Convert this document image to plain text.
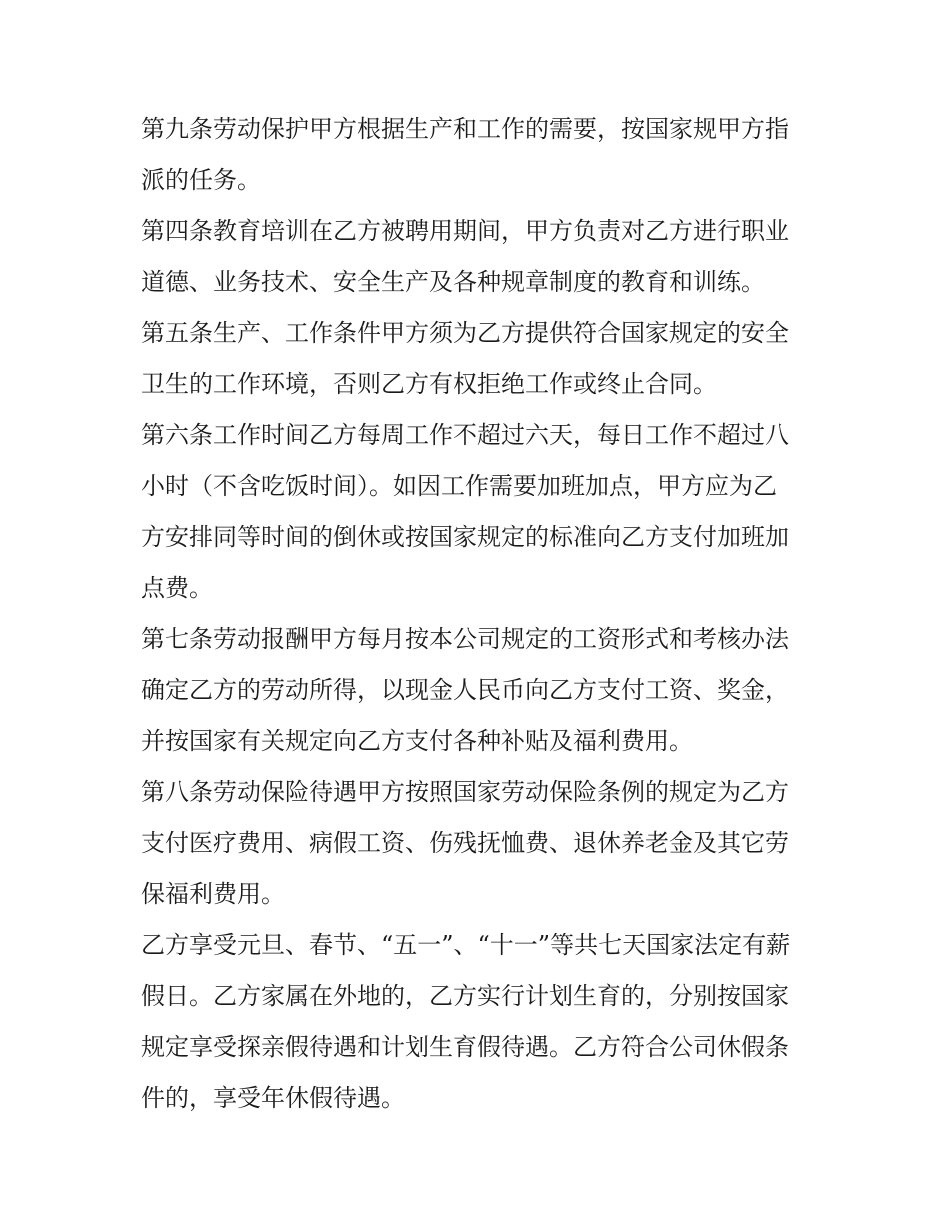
第九条劳动保护甲方根据生产和工作的需要，按国家规甲方指
派的任务。
第四条教育培训在乙方被聘用期间，甲方负责对乙方进行职业
道德、业务技术、安全生产及各种规章制度的教育和训练。
第五条生产、工作条件甲方须为乙方提供符合国家规定的安全
卫生的工作环境，否则乙方有权拒绝工作或终止合同。
第六条工作时间乙方每周工作不超过六天，每日工作不超过八
小时（不含吃饭时间）。如因工作需要加班加点，甲方应为乙
方安排同等时间的倒休或按国家规定的标准向乙方支付加班加
点费。
第七条劳动报酬甲方每月按本公司规定的工资形式和考核办法
确定乙方的劳动所得，以现金人民币向乙方支付工资、奖金，
并按国家有关规定向乙方支付各种补贴及福利费用。
第八条劳动保险待遇甲方按照国家劳动保险条例的规定为乙方
支付医疗费用、病假工资、伤残抚恤费、退休养老金及其它劳
保福利费用。
乙方享受元旦、春节、“五一”、“十一”等共七天国家法定有薪
假日。乙方家属在外地的，乙方实行计划生育的，分别按国家
规定享受探亲假待遇和计划生育假待遇。乙方符合公司休假条
件的，享受年休假待遇。
